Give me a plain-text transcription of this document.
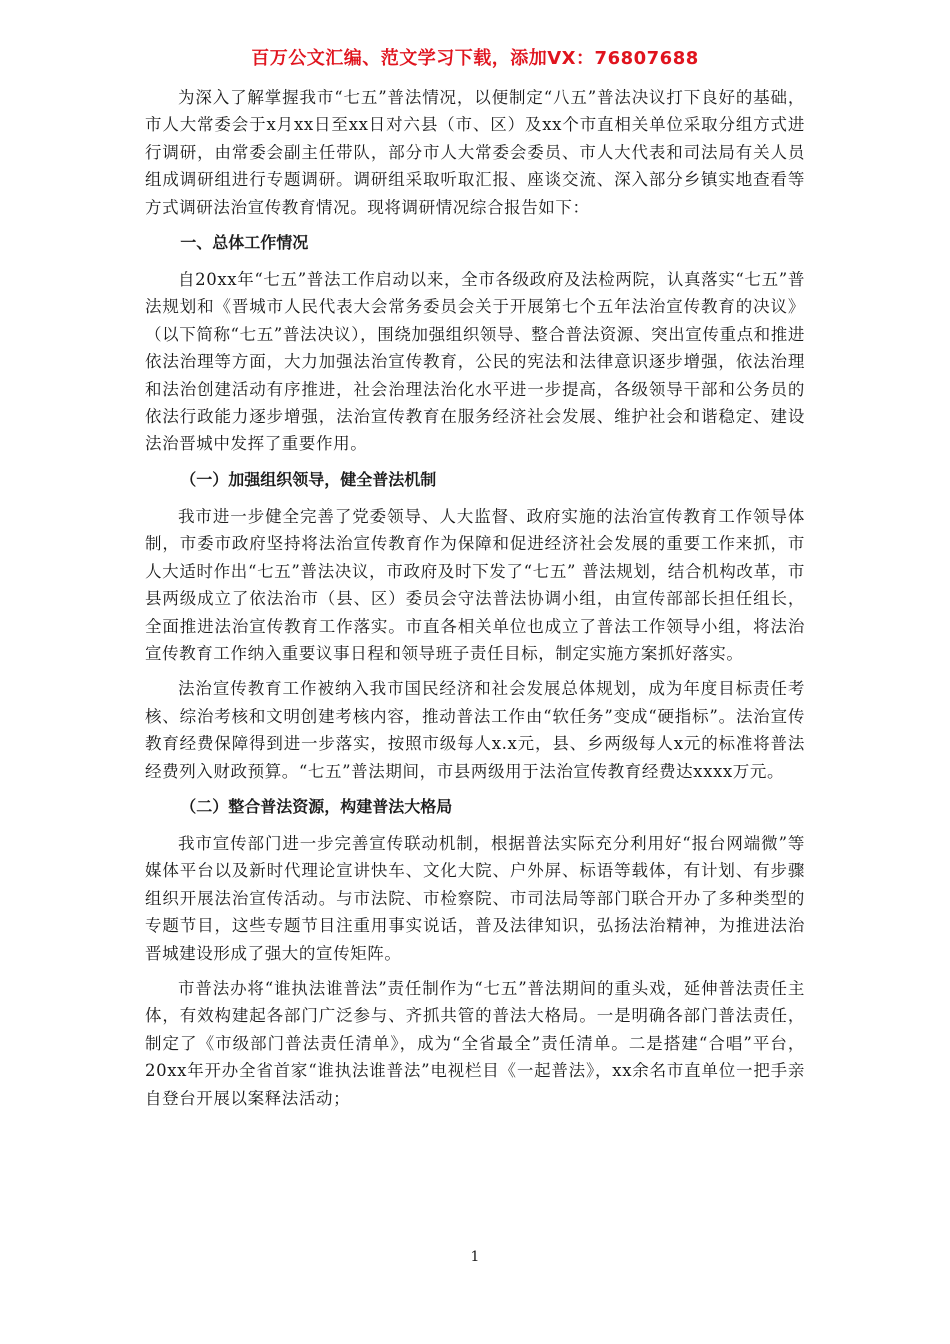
百万公文汇编、范文学习下载，添加VX：76807688

为深入了解掌握我市“七五”普法情况，以便制定“八五”普法决议打下良好的基础，市人大常委会于x月xx日至xx日对六县（市、区）及xx个市直相关单位采取分组方式进行调研，由常委会副主任带队，部分市人大常委会委员、市人大代表和司法局有关人员组成调研组进行专题调研。调研组采取听取汇报、座谈交流、深入部分乡镇实地查看等方式调研法治宣传教育情况。现将调研情况综合报告如下：

一、总体工作情况

自20xx年“七五”普法工作启动以来，全市各级政府及法检两院，认真落实“七五”普法规划和《晋城市人民代表大会常务委员会关于开展第七个五年法治宣传教育的决议》（以下简称“七五”普法决议），围绕加强组织领导、整合普法资源、突出宣传重点和推进依法治理等方面，大力加强法治宣传教育，公民的宪法和法律意识逐步增强，依法治理和法治创建活动有序推进，社会治理法治化水平进一步提高，各级领导干部和公务员的依法行政能力逐步增强，法治宣传教育在服务经济社会发展、维护社会和谐稳定、建设法治晋城中发挥了重要作用。

（一）加强组织领导，健全普法机制

我市进一步健全完善了党委领导、人大监督、政府实施的法治宣传教育工作领导体制，市委市政府坚持将法治宣传教育作为保障和促进经济社会发展的重要工作来抓，市人大适时作出“七五”普法决议，市政府及时下发了“七五” 普法规划，结合机构改革，市县两级成立了依法治市（县、区）委员会守法普法协调小组，由宣传部部长担任组长，全面推进法治宣传教育工作落实。市直各相关单位也成立了普法工作领导小组，将法治宣传教育工作纳入重要议事日程和领导班子责任目标，制定实施方案抓好落实。

法治宣传教育工作被纳入我市国民经济和社会发展总体规划，成为年度目标责任考核、综治考核和文明创建考核内容，推动普法工作由“软任务”变成“硬指标”。法治宣传教育经费保障得到进一步落实，按照市级每人x.x元，县、乡两级每人x元的标准将普法经费列入财政预算。“七五”普法期间，市县两级用于法治宣传教育经费达xxxx万元。

（二）整合普法资源，构建普法大格局

我市宣传部门进一步完善宣传联动机制，根据普法实际充分利用好“报台网端微”等媒体平台以及新时代理论宣讲快车、文化大院、户外屏、标语等载体，有计划、有步骤组织开展法治宣传活动。与市法院、市检察院、市司法局等部门联合开办了多种类型的专题节目，这些专题节目注重用事实说话，普及法律知识，弘扬法治精神，为推进法治晋城建设形成了强大的宣传矩阵。

市普法办将“谁执法谁普法”责任制作为“七五”普法期间的重头戏，延伸普法责任主体，有效构建起各部门广泛参与、齐抓共管的普法大格局。一是明确各部门普法责任，制定了《市级部门普法责任清单》，成为“全省最全”责任清单。二是搭建“合唱”平台，20xx年开办全省首家“谁执法谁普法”电视栏目《一起普法》，xx余名市直单位一把手亲自登台开展以案释法活动；

1
